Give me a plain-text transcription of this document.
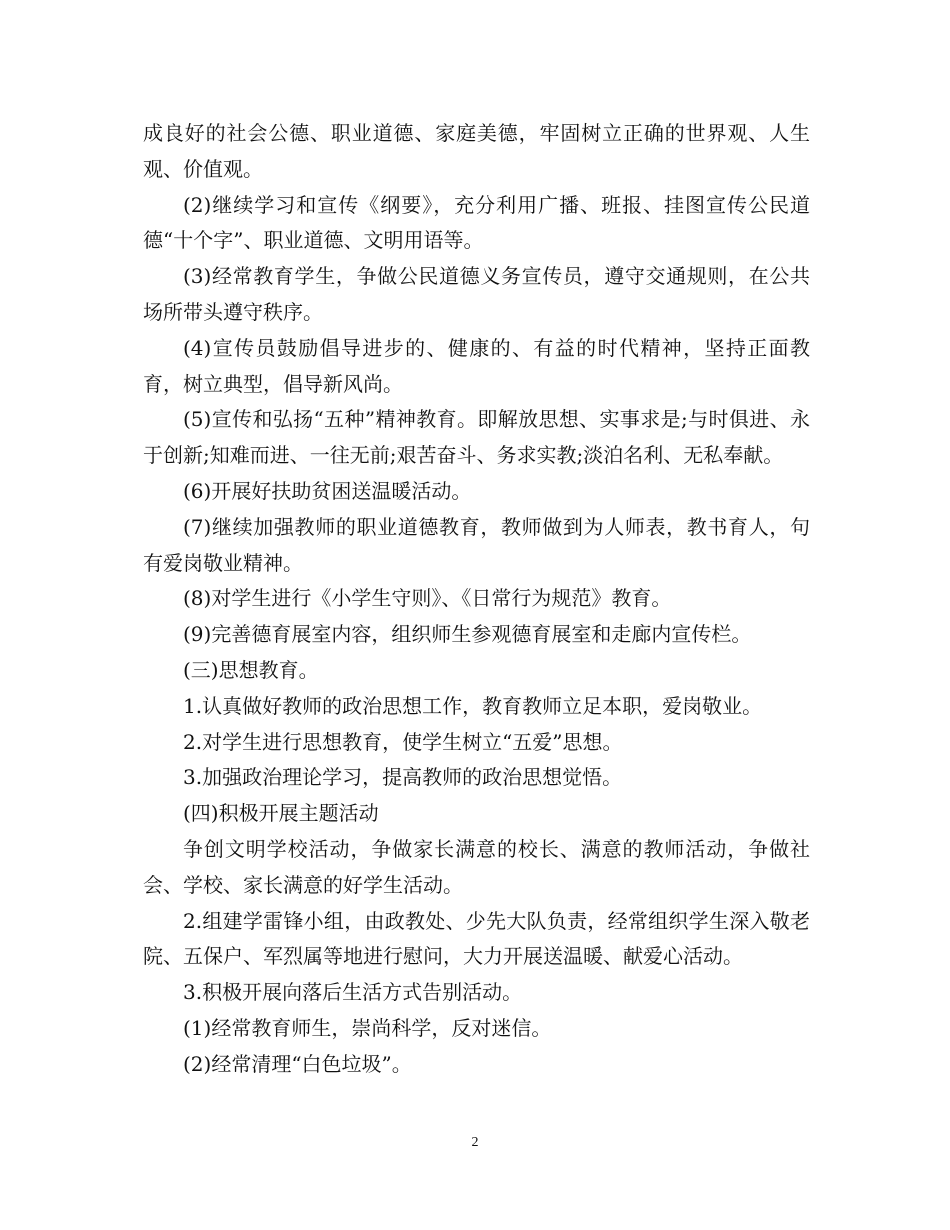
成良好的社会公德、职业道德、家庭美德，牢固树立正确的世界观、人生观、价值观。

(2)继续学习和宣传《纲要》，充分利用广播、班报、挂图宣传公民道德“十个字”、职业道德、文明用语等。

(3)经常教育学生，争做公民道德义务宣传员，遵守交通规则，在公共场所带头遵守秩序。

(4)宣传员鼓励倡导进步的、健康的、有益的时代精神，坚持正面教育，树立典型，倡导新风尚。

(5)宣传和弘扬“五种”精神教育。即解放思想、实事求是;与时俱进、永于创新;知难而进、一往无前;艰苦奋斗、务求实教;淡泊名利、无私奉献。

(6)开展好扶助贫困送温暖活动。

(7)继续加强教师的职业道德教育，教师做到为人师表，教书育人，句有爱岗敬业精神。

(8)对学生进行《小学生守则》、《日常行为规范》教育。

(9)完善德育展室内容，组织师生参观德育展室和走廊内宣传栏。

(三)思想教育。

1.认真做好教师的政治思想工作，教育教师立足本职，爱岗敬业。

2.对学生进行思想教育，使学生树立“五爱”思想。

3.加强政治理论学习，提高教师的政治思想觉悟。

(四)积极开展主题活动

争创文明学校活动，争做家长满意的校长、满意的教师活动，争做社会、学校、家长满意的好学生活动。

2.组建学雷锋小组，由政教处、少先大队负责，经常组织学生深入敬老院、五保户、军烈属等地进行慰问，大力开展送温暖、献爱心活动。

3.积极开展向落后生活方式告别活动。

(1)经常教育师生，崇尚科学，反对迷信。

(2)经常清理“白色垃圾”。

2
